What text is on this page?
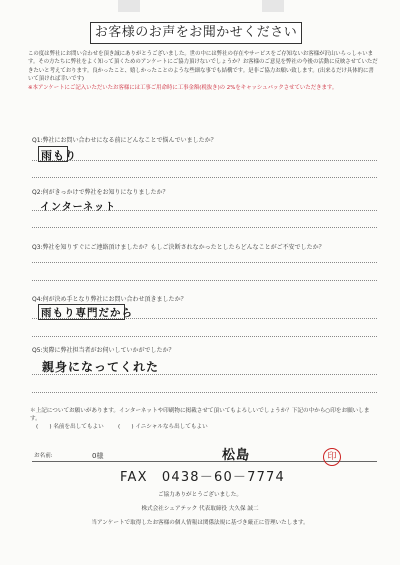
お客様のお声をお聞かせください

この度は弊社にお問い合わせを頂き誠にありがとうございました。世の中には弊社の存在やサービスをご存知ないお客様が沢山いらっしゃいます。その方たちに弊社をよく知って頂くためのアンケートにご協力頂けないでしょうか？お客様のご意見を弊社の今後の活動に反映させていただきたいと考えております。良かったこと、嬉しかったことのような些細な事でも結構です。是非ご協力お願い致します。(出来るだけ具体的に書いて頂ければ幸いです)

※本アンケートにご記入いただいたお客様には工事ご用命時に工事金額(税抜き)の 2%をキャッシュバックさせていただきます。

Q1:弊社にお問い合わせになる前にどんなことで悩んでいましたか？
雨もり
Q2:何がきっかけで弊社をお知りになりましたか？
インターネット
Q3:弊社を知りすぐにご連絡頂けましたか？もしご決断されなかったとしたらどんなことがご不安でしたか？
Q4:何が決め手となり弊社にお問い合わせ頂きましたか？
雨もり専門だから
Q5:実際に弊社担当者がお伺いしていかがでしたか？
親身になってくれた
＊上記についてお願いがあります。インターネットや印刷物に掲載させて頂いてもよろしいでしょうか？下記の中から○印をお願いします。
(　　) 名前を出してもよい	(　　) イニシャルなら出してもよい
お名前:	0様	松島	印
FAX　0438－60－7774
ご協力ありがとうございました。
株式会社シェアテック 代表取締役 大久保 誠二
当アンケートで取得したお客様の個人情報は関係法規に基づき厳正に管理いたします。
